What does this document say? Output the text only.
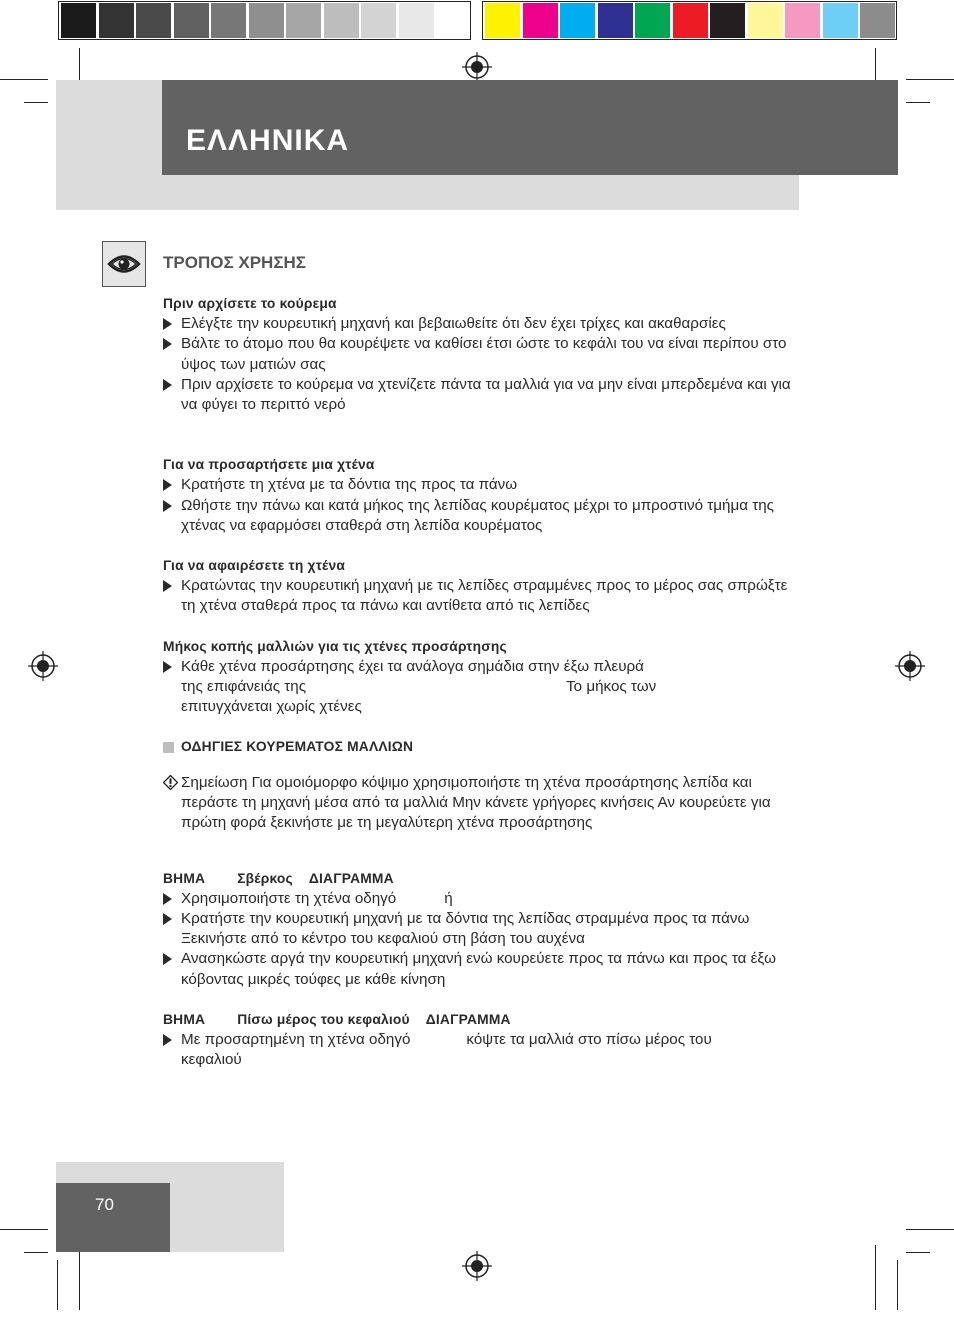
ΕΛΛΗΝΙΚΑ
ΤΡΟΠΟΣ ΧΡΗΣΗΣ

Πριν αρχίσετε το κούρεμα

Ελέγξτε την κουρευτική μηχανή και βεβαιωθείτε ότι δεν έχει τρίχες και ακαθαρσίες

Βάλτε το άτομο που θα κουρέψετε να καθίσει έτσι ώστε το κεφάλι του να είναι περίπου στο ύψος των ματιών σας

Πριν αρχίσετε το κούρεμα να χτενίζετε πάντα τα μαλλιά για να μην είναι μπερδεμένα και για να φύγει το περιττό νερό

Για να προσαρτήσετε μια χτένα

Κρατήστε τη χτένα με τα δόντια της προς τα πάνω

Ωθήστε την πάνω και κατά μήκος της λεπίδας κουρέματος μέχρι το μπροστινό τμήμα της χτένας να εφαρμόσει σταθερά στη λεπίδα κουρέματος

Για να αφαιρέσετε τη χτένα

Κρατώντας την κουρευτική μηχανή με τις λεπίδες στραμμένες προς το μέρος σας σπρώξτε τη χτένα σταθερά προς τα πάνω και αντίθετα από τις λεπίδες

Μήκος κοπής μαλλιών για τις χτένες προσάρτησης

Κάθε χτένα προσάρτησης έχει τα ανάλογα σημάδια στην έξω πλευρά
της επιφάνειάς της	Το μήκος των
επιτυγχάνεται χωρίς χτένες

ΟΔΗΓΙΕΣ ΚΟΥΡΕΜΑΤΟΣ ΜΑΛΛΙΩΝ

Σημείωση Για ομοιόμορφο κόψιμο χρησιμοποιήστε τη χτένα προσάρτησης λεπίδα και περάστε τη μηχανή μέσα από τα μαλλιά Μην κάνετε γρήγορες κινήσεις Αν κουρεύετε για πρώτη φορά ξεκινήστε με τη μεγαλύτερη χτένα προσάρτησης

ΒΗΜΑ Σβέρκος ΔΙΑΓΡΑΜΜΑ

Χρησιμοποιήστε τη χτένα οδηγό	ή

Κρατήστε την κουρευτική μηχανή με τα δόντια της λεπίδας στραμμένα προς τα πάνω Ξεκινήστε από το κέντρο του κεφαλιού στη βάση του αυχένα

Ανασηκώστε αργά την κουρευτική μηχανή ενώ κουρεύετε προς τα πάνω και προς τα έξω κόβοντας μικρές τούφες με κάθε κίνηση

ΒΗΜΑ Πίσω μέρος του κεφαλιού ΔΙΑΓΡΑΜΜΑ

Με προσαρτημένη τη χτένα οδηγό	κόψτε τα μαλλιά στο πίσω μέρος του
κεφαλιού

70
